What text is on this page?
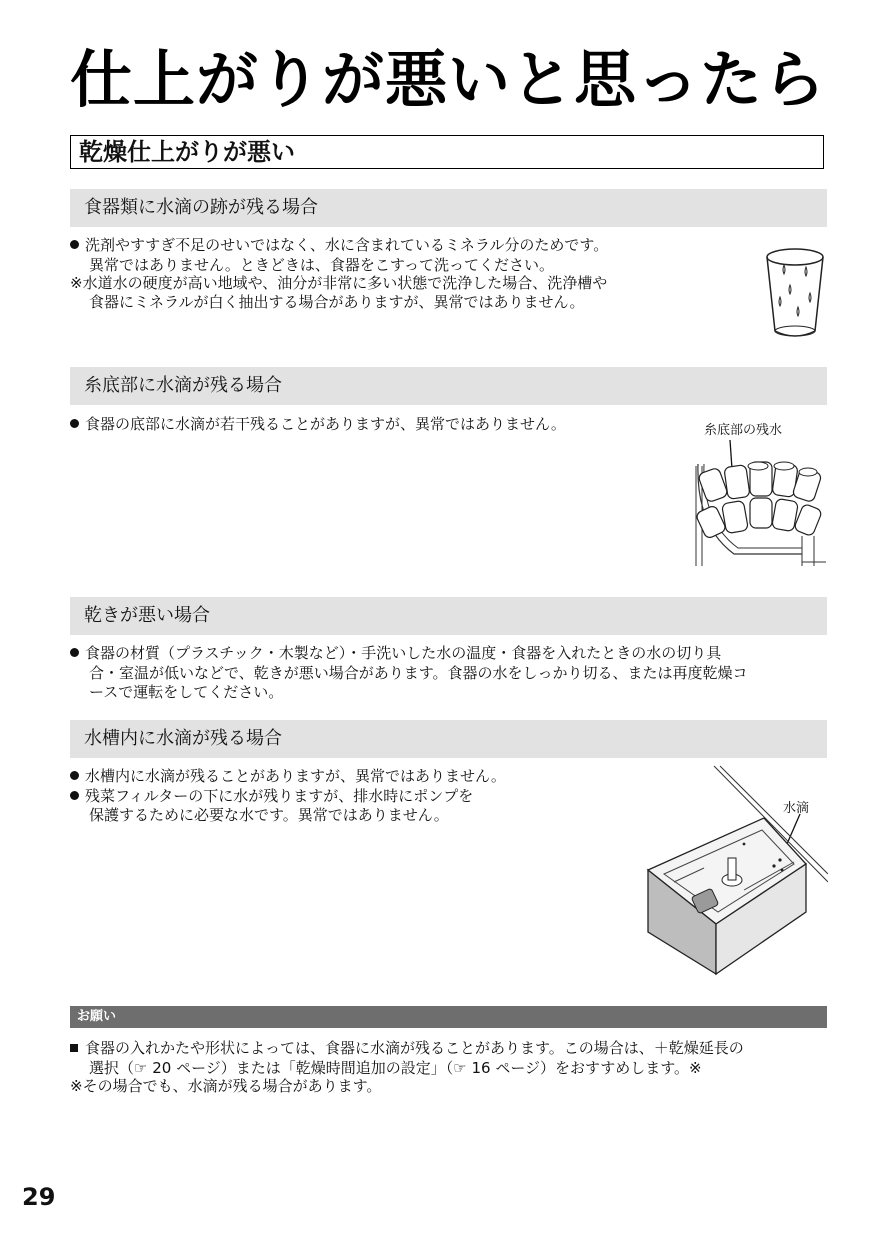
仕上がりが悪いと思ったら
乾燥仕上がりが悪い
食器類に水滴の跡が残る場合
洗剤やすすぎ不足のせいではなく、水に含まれているミネラル分のためです。
異常ではありません。ときどきは、食器をこすって洗ってください。
※水道水の硬度が高い地域や、油分が非常に多い状態で洗浄した場合、洗浄槽や
食器にミネラルが白く抽出する場合がありますが、異常ではありません。
糸底部に水滴が残る場合
食器の底部に水滴が若干残ることがありますが、異常ではありません。	糸底部の残水
乾きが悪い場合
食器の材質（プラスチック・木製など）・手洗いした水の温度・食器を入れたときの水の切り具
合・室温が低いなどで、乾きが悪い場合があります。食器の水をしっかり切る、または再度乾燥コ
ースで運転をしてください。
水槽内に水滴が残る場合
水槽内に水滴が残ることがありますが、異常ではありません。
残菜フィルターの下に水が残りますが、排水時にポンプを
保護するために必要な水です。異常ではありません。	水滴
お願い
食器の入れかたや形状によっては、食器に水滴が残ることがあります。この場合は、＋乾燥延長の
選択（☞ 20 ページ）または「乾燥時間追加の設定」（☞ 16 ページ）をおすすめします。※
※その場合でも、水滴が残る場合があります。
29
